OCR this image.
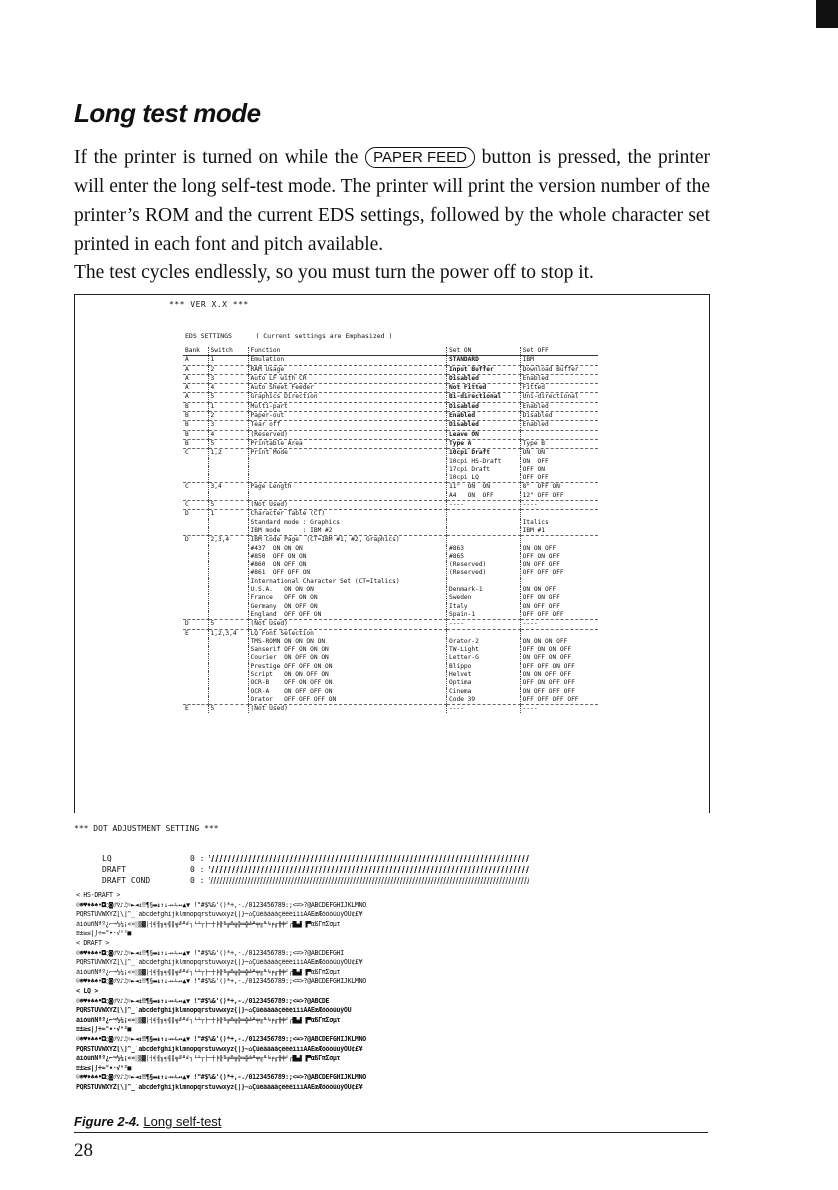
Long test mode

If the printer is turned on while the PAPER FEED button is pressed, the printer will enter the long self-test mode. The printer will print the version number of the printer’s ROM and the current EDS settings, followed by the whole character set printed in each font and pitch available.

The test cycles endlessly, so you must turn the power off to stop it.

*** VER X.X ***
EDS SETTINGS      ( Current settings are Emphasized )
Bank	Switch	Function	Set ON	Set OFF
A	1	Emulation	STANDARD	IBM
A	2	RAM Usage	Input Buffer	Download Buffer
A	3	Auto LF with CR	Disabled	Enabled
A	4	Auto Sheet Feeder	Not Fitted	Fitted
A	5	Graphics Direction	Bi-directional	Uni-directional
B	1	Multi-part	Disabled	Enabled
B	2	Paper-out	Enabled	Disabled
B	3	Tear off	Disabled	Enabled
B	4	(Reserved)	Leave ON	
B	5	Printable Area	Type A	Type B
C	1,2	Print Mode	10cpi Draft	ON  ON
			10cpi HS-Draft	ON  OFF
			17cpi Draft	OFF ON
			10cpi LQ	OFF OFF
C	3,4	Page Length	11"  ON  ON	8"  OFF ON
			A4   ON  OFF	12" OFF OFF
C	5	(Not Used)	----	----
D	1	Character Table (CT)		
		Standard mode : Graphics		Italics
		IBM mode      : IBM #2		IBM #1
D	2,3,4	IBM Code Page  (CT=IBM #1, #2, Graphics)		
		#437  ON ON ON	#863	ON ON OFF
		#850  OFF ON ON	#865	OFF ON OFF
		#860  ON OFF ON	(Reserved)	ON OFF OFF
		#861  OFF OFF ON	(Reserved)	OFF OFF OFF
		International Character Set (CT=Italics)		
		U.S.A.   ON ON ON	Denmark-1	ON ON OFF
		France   OFF ON ON	Sweden	OFF ON OFF
		Germany  ON OFF ON	Italy	ON OFF OFF
		England  OFF OFF ON	Spain-1	OFF OFF OFF
D	5	(Not Used)	----	----
E	1,2,3,4	LQ Font Selection		
		TMS-ROMN ON ON ON ON	Orator-2	ON ON ON OFF
		Sanserif OFF ON ON ON	TW-Light	OFF ON ON OFF
		Courier  ON OFF ON ON	Letter-G	ON OFF ON OFF
		Prestige OFF OFF ON ON	Blippo	OFF OFF ON OFF
		Script   ON ON OFF ON	Helvet	ON ON OFF OFF
		OCR-B    OFF ON OFF ON	Optima	OFF ON OFF OFF
		OCR-A    ON OFF OFF ON	Cinema	ON OFF OFF OFF
		Orator   OFF OFF OFF ON	Code 39	OFF OFF OFF OFF
E	5	(Not Used)	----	----
*** DOT ADJUSTMENT SETTING ***
LQ	0 :
DRAFT	0 :
DRAFT COND	0 :
< HS-DRAFT >
☺☻♥♦♣♠•◘○◙♂♀♪♫☼►◄↕‼¶§▬↨↑↓→←∟↔▲▼ !"#$%&'()*+,-./0123456789:;<=>?@ABCDEFGHIJKLMNO
PQRSTUVWXYZ[\]^_`abcdefghijklmnopqrstuvwxyz{|}~⌂ÇüéâäàåçêëèïîìÄÅÉæÆôöòûùÿÖÜ¢£¥
áíóúñÑªº¿⌐¬½¼¡«»░▒▓│┤╡╢╖╕╣║╗╝╜╛┐└┴┬├─┼╞╟╚╔╩╦╠═╬╧╨╤╥╙╘╒╓╫╪┘┌█▄▌▐▀αßΓπΣσµτ
≡±≥≤⌠⌡÷≈°∙·√ⁿ²■
< DRAFT >
☺☻♥♦♣♠•◘○◙♂♀♪♫☼►◄↕‼¶§▬↨↑↓→←∟↔▲▼ !"#$%&'()*+,-./0123456789:;<=>?@ABCDEFGHI
PQRSTUVWXYZ[\]^_`abcdefghijklmnopqrstuvwxyz{|}~⌂ÇüéâäàåçêëèïîìÄÅÉæÆôöòûùÿÖÜ¢£¥
áíóúñÑªº¿⌐¬½¼¡«»░▒▓│┤╡╢╖╕╣║╗╝╜╛┐└┴┬├─┼╞╟╚╔╩╦╠═╬╧╨╤╥╙╘╒╓╫╪┘┌█▄▌▐▀αßΓπΣσµτ
☺☻♥♦♣♠•◘○◙♂♀♪♫☼►◄↕‼¶§▬↨↑↓→←∟↔▲▼ !"#$%&'()*+,-./0123456789:;<=>?@ABCDEFGHIJKLMNO
< LQ >
☺☻♥♦♣♠•◘○◙♂♀♪♫☼►◄↕‼¶§▬↨↑↓→←∟↔▲▼ !"#$%&'()*+,-./0123456789:;<=>?@ABCDE
PQRSTUVWXYZ[\]^_`abcdefghijklmnopqrstuvwxyz{|}~⌂ÇüéâäàåçêëèïîìÄÅÉæÆôöòûùÿÖÜ
áíóúñÑªº¿⌐¬½¼¡«»░▒▓│┤╡╢╖╕╣║╗╝╜╛┐└┴┬├─┼╞╟╚╔╩╦╠═╬╧╨╤╥╙╘╒╓╫╪┘┌█▄▌▐▀αßΓπΣσµτ
≡±≥≤⌠⌡÷≈°∙·√ⁿ²■
☺☻♥♦♣♠•◘○◙♂♀♪♫☼►◄↕‼¶§▬↨↑↓→←∟↔▲▼ !"#$%&'()*+,-./0123456789:;<=>?@ABCDEFGHIJKLMNO
PQRSTUVWXYZ[\]^_`abcdefghijklmnopqrstuvwxyz{|}~⌂ÇüéâäàåçêëèïîìÄÅÉæÆôöòûùÿÖÜ¢£¥
áíóúñÑªº¿⌐¬½¼¡«»░▒▓│┤╡╢╖╕╣║╗╝╜╛┐└┴┬├─┼╞╟╚╔╩╦╠═╬╧╨╤╥╙╘╒╓╫╪┘┌█▄▌▐▀αßΓπΣσµτ
≡±≥≤⌠⌡÷≈°∙·√ⁿ²■
☺☻♥♦♣♠•◘○◙♂♀♪♫☼►◄↕‼¶§▬↨↑↓→←∟↔▲▼ !"#$%&'()*+,-./0123456789:;<=>?@ABCDEFGHIJKLMNO
PQRSTUVWXYZ[\]^_`abcdefghijklmnopqrstuvwxyz{|}~⌂ÇüéâäàåçêëèïîìÄÅÉæÆôöòûùÿÖÜ¢£¥
Figure 2-4. Long self-test
28
